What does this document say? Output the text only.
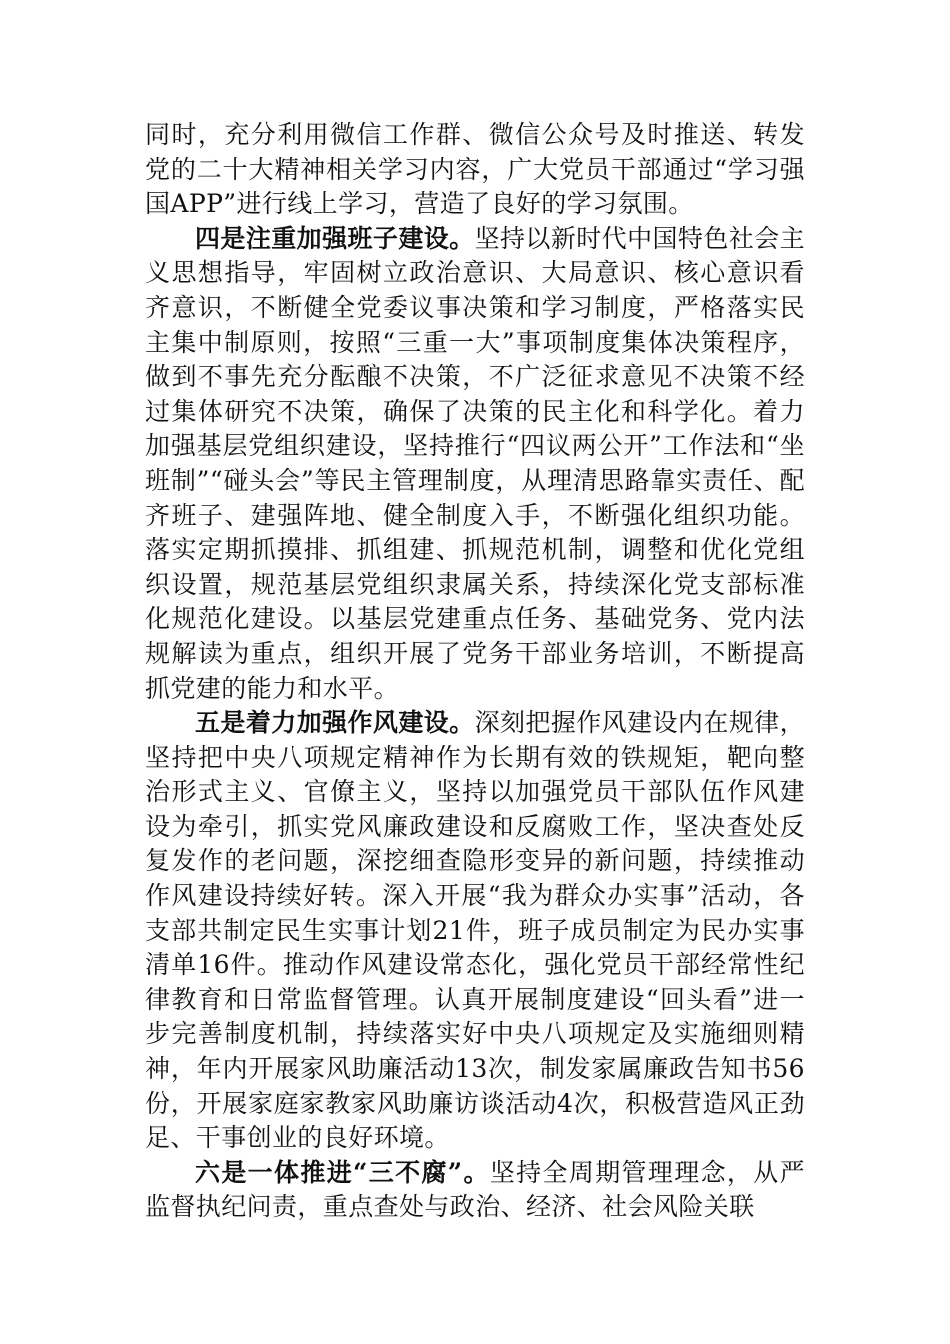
同时，充分利用微信工作群、微信公众号及时推送、转发党的二十大精神相关学习内容，广大党员干部通过“学习强国APP”进行线上学习，营造了良好的学习氛围。

四是注重加强班子建设。坚持以新时代中国特色社会主义思想指导，牢固树立政治意识、大局意识、核心意识看齐意识，不断健全党委议事决策和学习制度，严格落实民主集中制原则，按照“三重一大”事项制度集体决策程序，做到不事先充分酝酿不决策，不广泛征求意见不决策不经过集体研究不决策，确保了决策的民主化和科学化。着力加强基层党组织建设，坚持推行“四议两公开”工作法和“坐班制”“碰头会”等民主管理制度，从理清思路靠实责任、配齐班子、建强阵地、健全制度入手，不断强化组织功能。落实定期抓摸排、抓组建、抓规范机制，调整和优化党组织设置，规范基层党组织隶属关系，持续深化党支部标准化规范化建设。以基层党建重点任务、基础党务、党内法规解读为重点，组织开展了党务干部业务培训，不断提高抓党建的能力和水平。

五是着力加强作风建设。深刻把握作风建设内在规律，坚持把中央八项规定精神作为长期有效的铁规矩，靶向整治形式主义、官僚主义，坚持以加强党员干部队伍作风建设为牵引，抓实党风廉政建设和反腐败工作，坚决查处反复发作的老问题，深挖细查隐形变异的新问题，持续推动作风建设持续好转。深入开展“我为群众办实事”活动，各支部共制定民生实事计划21件，班子成员制定为民办实事清单16件。推动作风建设常态化，强化党员干部经常性纪律教育和日常监督管理。认真开展制度建设“回头看”进一步完善制度机制，持续落实好中央八项规定及实施细则精神，年内开展家风助廉活动13次，制发家属廉政告知书56份，开展家庭家教家风助廉访谈活动4次，积极营造风正劲足、干事创业的良好环境。

六是一体推进“三不腐”。坚持全周期管理理念，从严监督执纪问责，重点查处与政治、经济、社会风险关联
